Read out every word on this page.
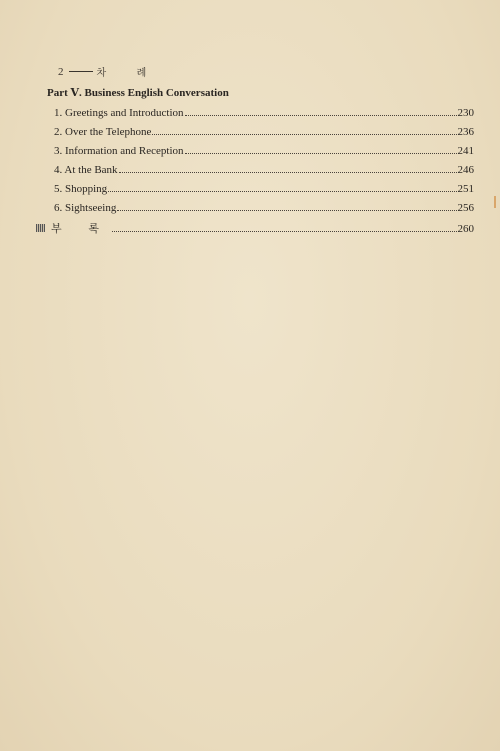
2	차 례
Part Ⅴ. Business English Conversation
1. Greetings and Introduction	230
2. Over the Telephone	236
3. Information and Reception	241
4. At the Bank	246
5. Shopping	251
6. Sightseeing	256
부 록	260
